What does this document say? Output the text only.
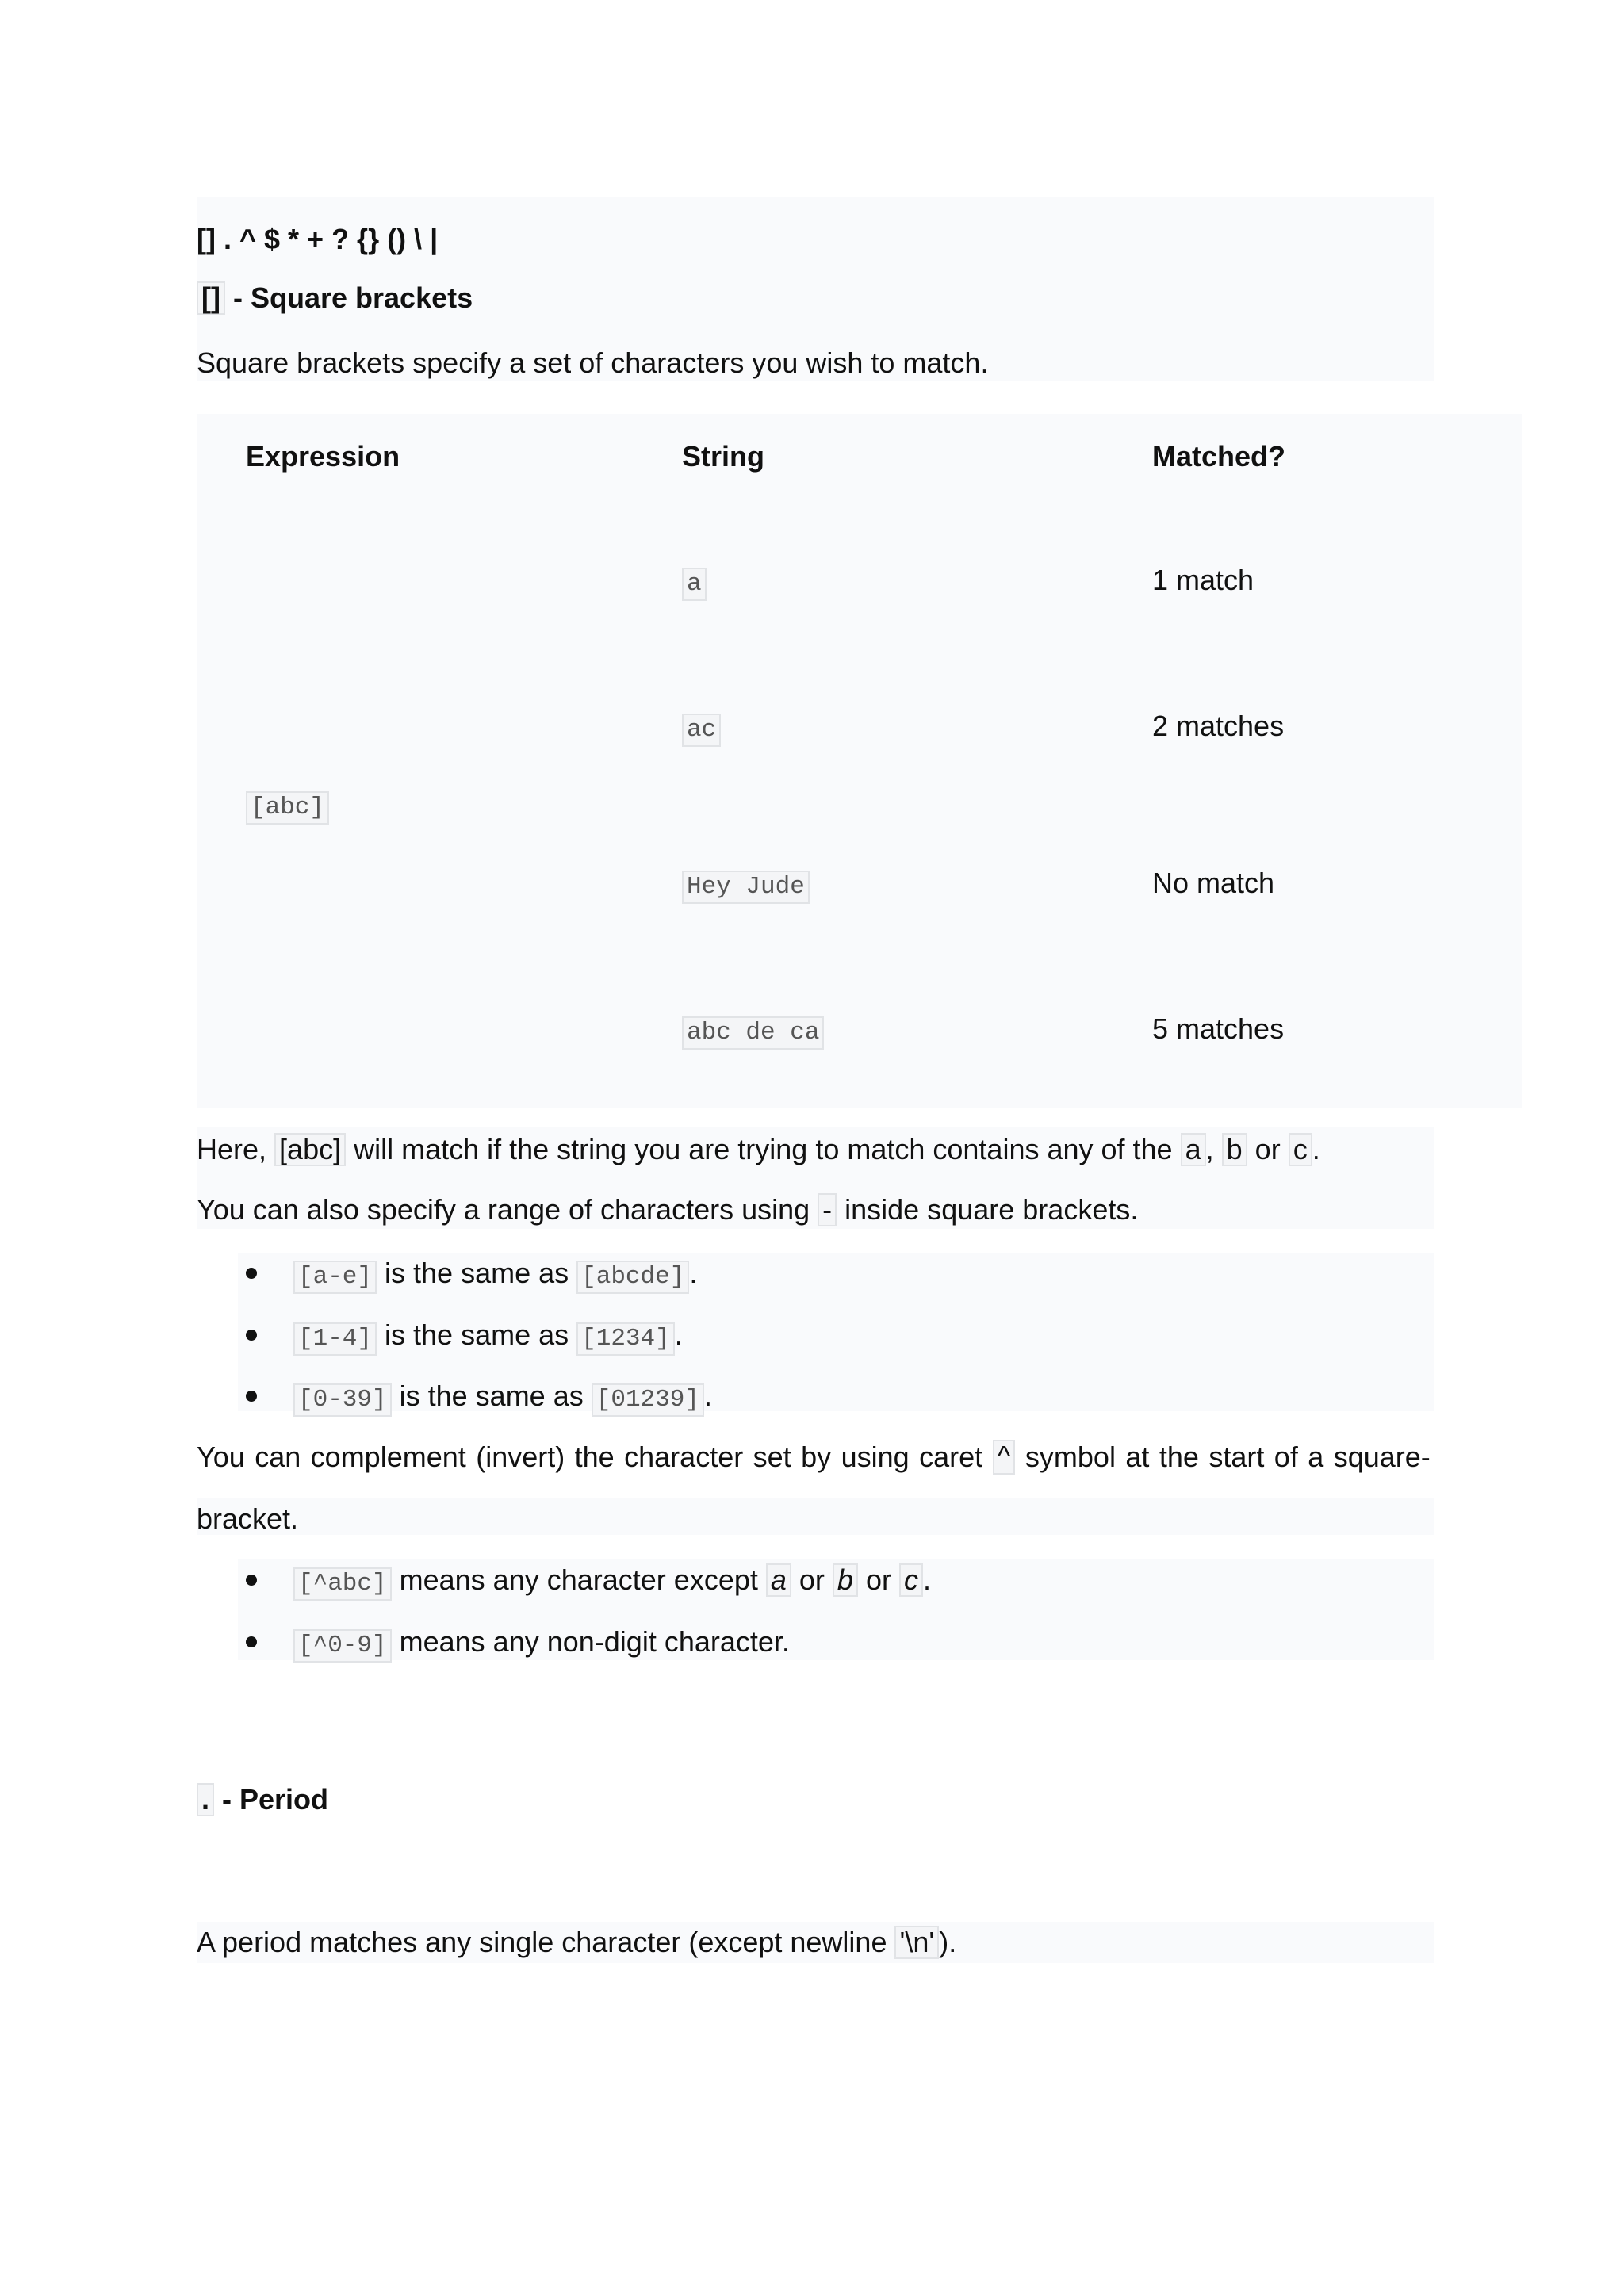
[] . ^ $ * + ? {} () \ |
[] - Square brackets
Square brackets specify a set of characters you wish to match.
Expression	String	Matched?
[abc]
a	1 match
ac	2 matches
Hey Jude	No match
abc de ca	5 matches
Here, [abc] will match if the string you are trying to match contains any of the a , b or c .
You can also specify a range of characters using - inside square brackets.
[a-e] is the same as [abcde] .
[1-4] is the same as [1234] .
[0-39] is the same as [01239] .
You can complement (invert) the character set by using caret ^ symbol at the start of a square-
bracket.
[^abc] means any character except a or b or c .
[^0-9] means any non-digit character.
. - Period
A period matches any single character (except newline '\n' ).
